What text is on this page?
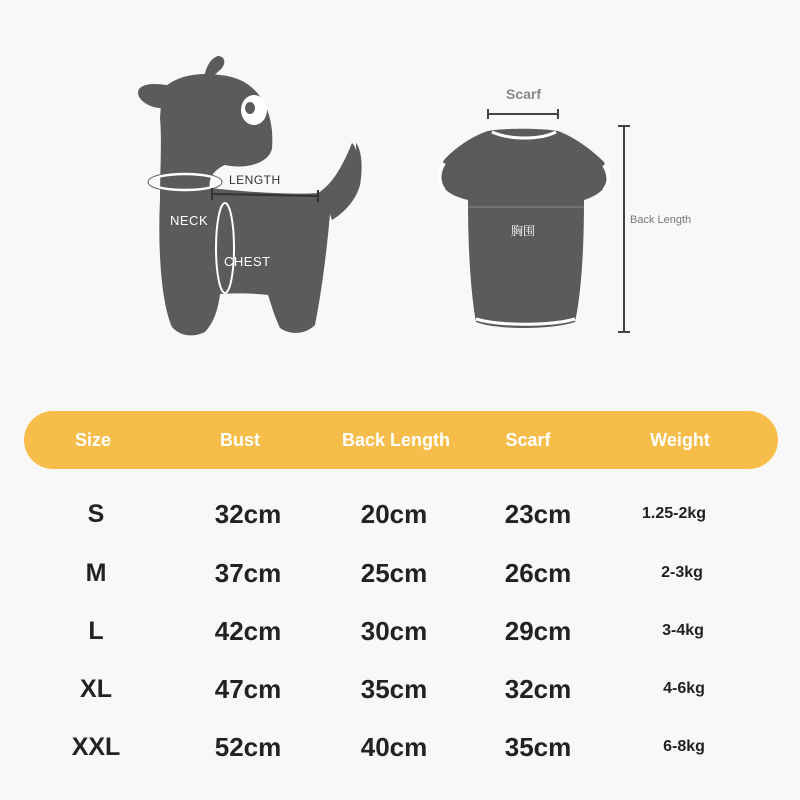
NECK
CHEST
LENGTH
Scarf
Back Length
胸围
Size	Bust	Back Length	Scarf	Weight
S	32cm	20cm	23cm	1.25-2kg
M	37cm	25cm	26cm	2-3kg
L	42cm	30cm	29cm	3-4kg
XL	47cm	35cm	32cm	4-6kg
XXL	52cm	40cm	35cm	6-8kg
